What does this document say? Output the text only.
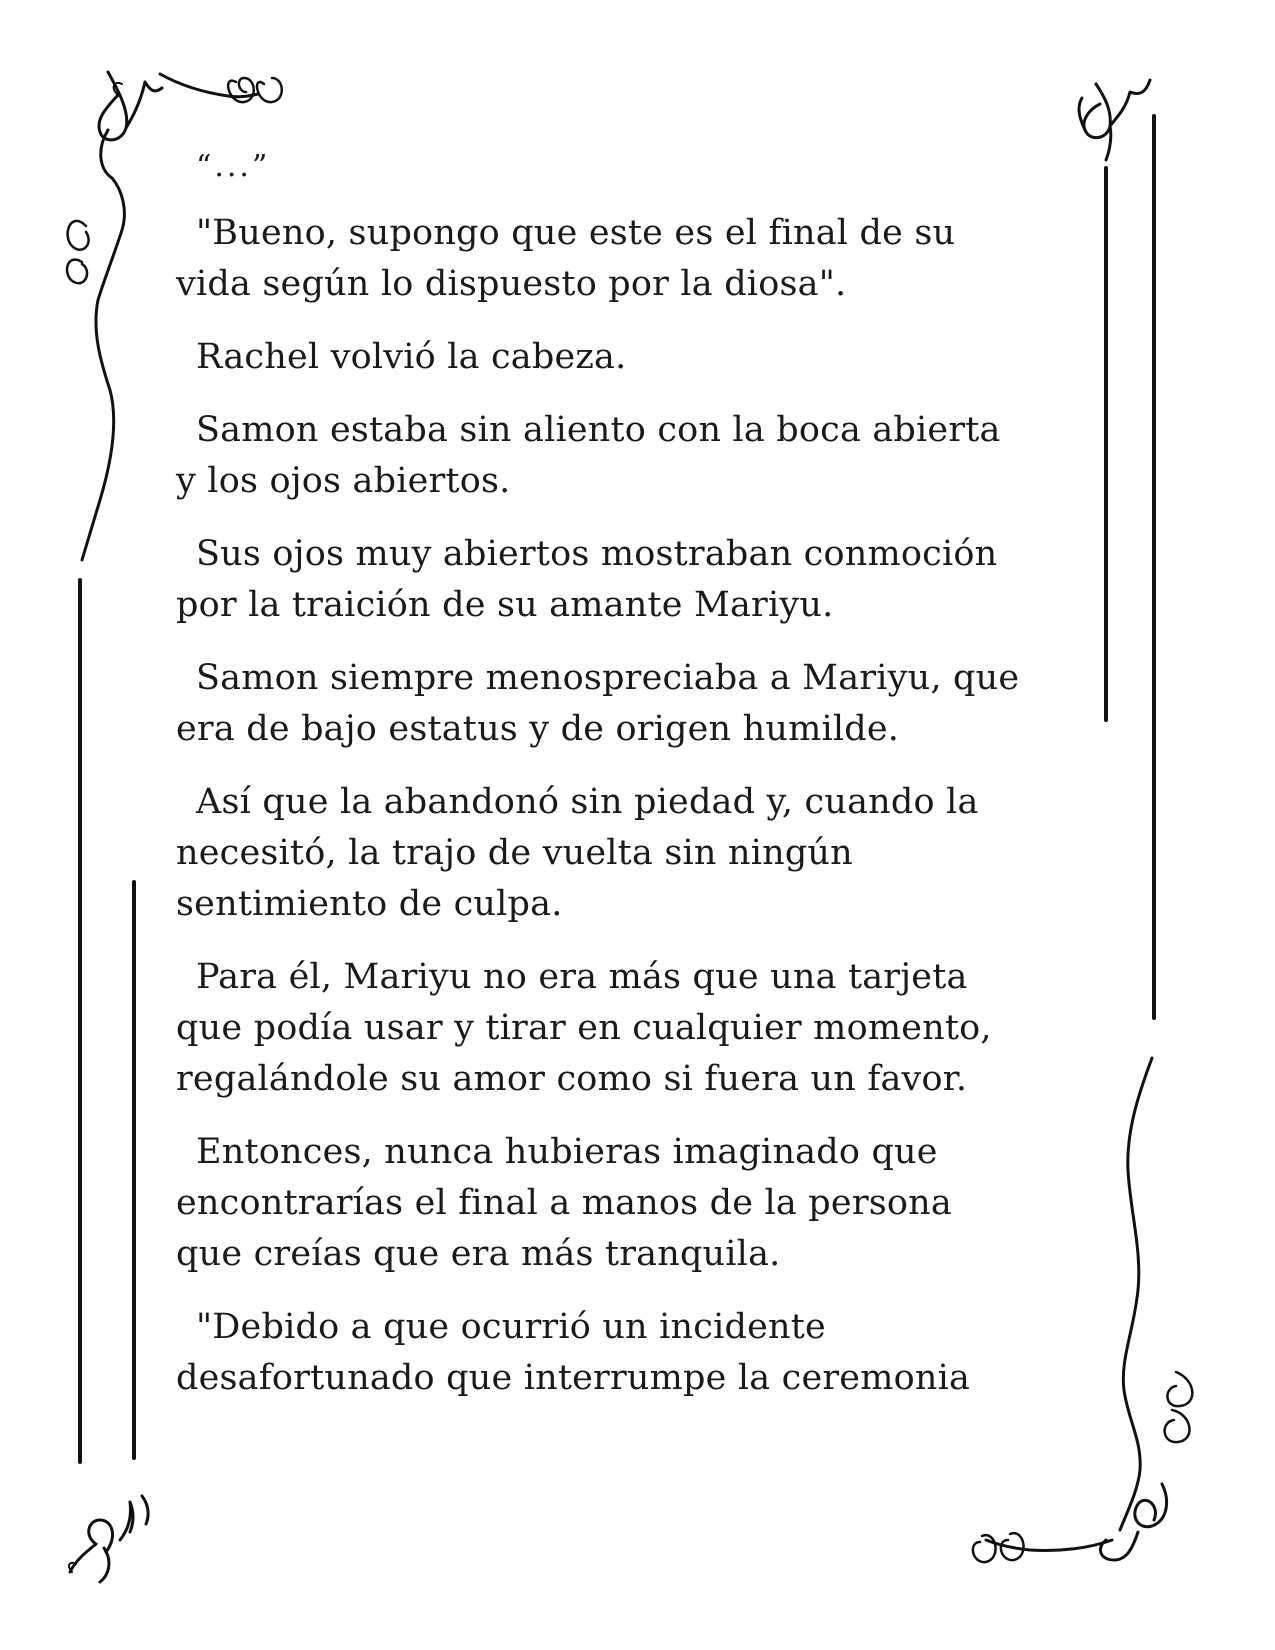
“...”

"Bueno, supongo que este es el final de su
vida según lo dispuesto por la diosa".

Rachel volvió la cabeza.

Samon estaba sin aliento con la boca abierta
y los ojos abiertos.

Sus ojos muy abiertos mostraban conmoción
por la traición de su amante Mariyu.

Samon siempre menospreciaba a Mariyu, que
era de bajo estatus y de origen humilde.

Así que la abandonó sin piedad y, cuando la
necesitó, la trajo de vuelta sin ningún
sentimiento de culpa.

Para él, Mariyu no era más que una tarjeta
que podía usar y tirar en cualquier momento,
regalándole su amor como si fuera un favor.

Entonces, nunca hubieras imaginado que
encontrarías el final a manos de la persona
que creías que era más tranquila.

"Debido a que ocurrió un incidente
desafortunado que interrumpe la ceremonia
